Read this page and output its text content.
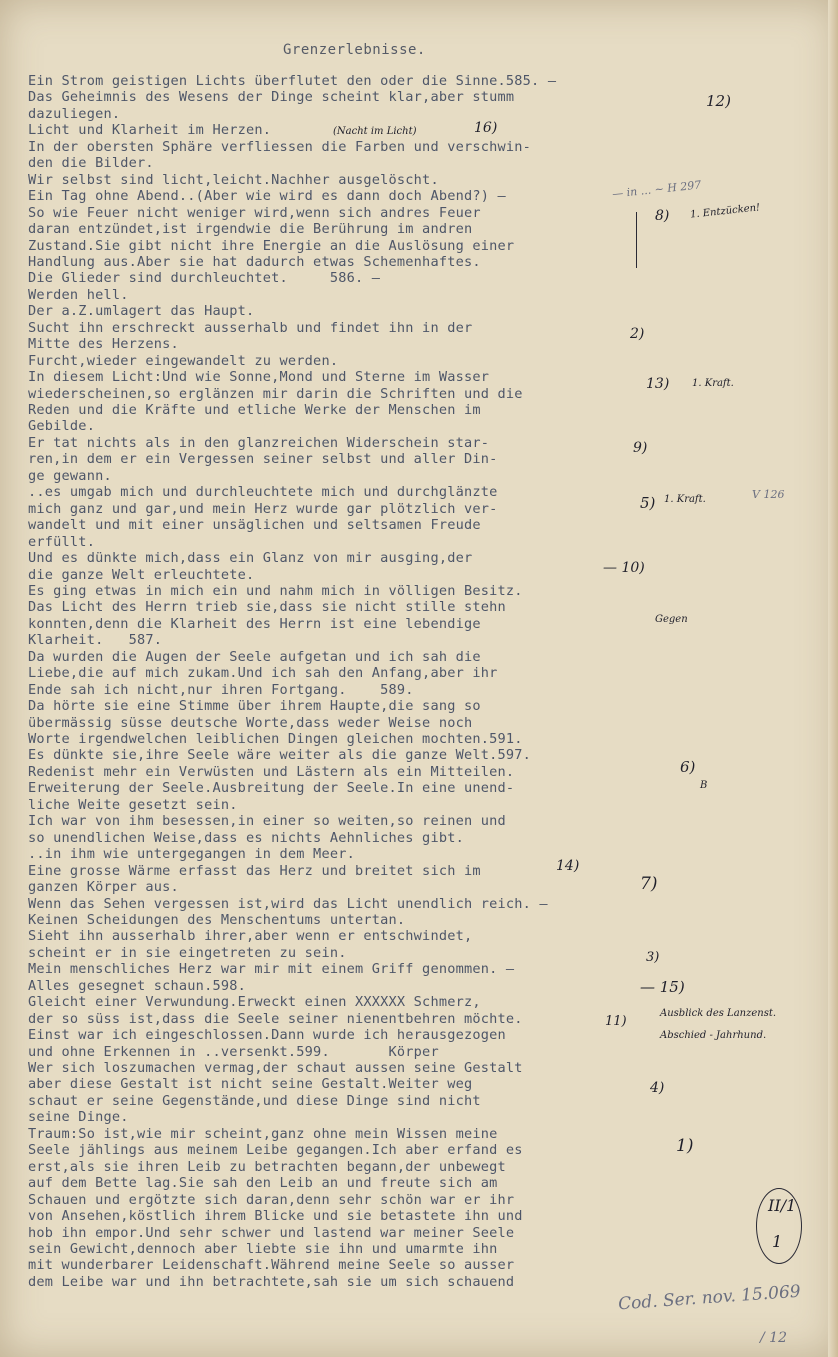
Grenzerlebnisse.
Ein Strom geistigen Lichts überflutet den oder die Sinne.585. —
Das Geheimnis des Wesens der Dinge scheint klar,aber stumm
dazuliegen.
Licht und Klarheit im Herzen.
In der obersten Sphäre verfliessen die Farben und verschwin-
den die Bilder.
Wir selbst sind licht,leicht.Nachher ausgelöscht.
Ein Tag ohne Abend..(Aber wie wird es dann doch Abend?) —
So wie Feuer nicht weniger wird,wenn sich andres Feuer
daran entzündet,ist irgendwie die Berührung im andren
Zustand.Sie gibt nicht ihre Energie an die Auslösung einer
Handlung aus.Aber sie hat dadurch etwas Schemenhaftes.
Die Glieder sind durchleuchtet.     586. —
Werden hell.
Der a.Z.umlagert das Haupt.
Sucht ihn erschreckt ausserhalb und findet ihn in der
Mitte des Herzens.
Furcht,wieder eingewandelt zu werden.
In diesem Licht:Und wie Sonne,Mond und Sterne im Wasser
wiederscheinen,so erglänzen mir darin die Schriften und die
Reden und die Kräfte und etliche Werke der Menschen im
Gebilde.
Er tat nichts als in den glanzreichen Widerschein star-
ren,in dem er ein Vergessen seiner selbst und aller Din-
ge gewann.
..es umgab mich und durchleuchtete mich und durchglänzte
mich ganz und gar,und mein Herz wurde gar plötzlich ver-
wandelt und mit einer unsäglichen und seltsamen Freude
erfüllt.
Und es dünkte mich,dass ein Glanz von mir ausging,der
die ganze Welt erleuchtete.
Es ging etwas in mich ein und nahm mich in völligen Besitz.
Das Licht des Herrn trieb sie,dass sie nicht stille stehn
konnten,denn die Klarheit des Herrn ist eine lebendige
Klarheit.   587.
Da wurden die Augen der Seele aufgetan und ich sah die
Liebe,die auf mich zukam.Und ich sah den Anfang,aber ihr
Ende sah ich nicht,nur ihren Fortgang.    589.
Da hörte sie eine Stimme über ihrem Haupte,die sang so
übermässig süsse deutsche Worte,dass weder Weise noch
Worte irgendwelchen leiblichen Dingen gleichen mochten.591.
Es dünkte sie,ihre Seele wäre weiter als die ganze Welt.597.
Redenist mehr ein Verwüsten und Lästern als ein Mitteilen.
Erweiterung der Seele.Ausbreitung der Seele.In eine unend-
liche Weite gesetzt sein.
Ich war von ihm besessen,in einer so weiten,so reinen und
so unendlichen Weise,dass es nichts Aehnliches gibt.
..in ihm wie untergegangen in dem Meer.
Eine grosse Wärme erfasst das Herz und breitet sich im
ganzen Körper aus.
Wenn das Sehen vergessen ist,wird das Licht unendlich reich. —
Keinen Scheidungen des Menschentums untertan.
Sieht ihn ausserhalb ihrer,aber wenn er entschwindet,
scheint er in sie eingetreten zu sein.
Mein menschliches Herz war mir mit einem Griff genommen. —
Alles gesegnet schaun.598.
Gleicht einer Verwundung.Erweckt einen XXXXXX Schmerz,
der so süss ist,dass die Seele seiner nienentbehren möchte.
Einst war ich eingeschlossen.Dann wurde ich herausgezogen
und ohne Erkennen in ..versenkt.599.       Körper
Wer sich loszumachen vermag,der schaut aussen seine Gestalt
aber diese Gestalt ist nicht seine Gestalt.Weiter weg
schaut er seine Gegenstände,und diese Dinge sind nicht
seine Dinge.
Traum:So ist,wie mir scheint,ganz ohne mein Wissen meine
Seele jählings aus meinem Leibe gegangen.Ich aber erfand es
erst,als sie ihren Leib zu betrachten begann,der unbewegt
auf dem Bette lag.Sie sah den Leib an und freute sich am
Schauen und ergötzte sich daran,denn sehr schön war er ihr
von Ansehen,köstlich ihrem Blicke und sie betastete ihn und
hob ihn empor.Und sehr schwer und lastend war meiner Seele
sein Gewicht,dennoch aber liebte sie ihn und umarmte ihn
mit wunderbarer Leidenschaft.Während meine Seele so ausser
dem Leibe war und ihn betrachtete,sah sie um sich schauend
12)
16)
(Nacht im Licht)
— in ... ~ H 297
8) 1. Entzücken!
2)
13) 1. Kraft.
9)
5) 1. Kraft.	V 126
— 10)
Gegen
6)
B
14)
7)
3)
— 15)
11)
Ausblick des Lanzenst.
Abschied - Jahrhund.
4)
1)
II/1
1
Cod. Ser. nov. 15.069
/ 12
